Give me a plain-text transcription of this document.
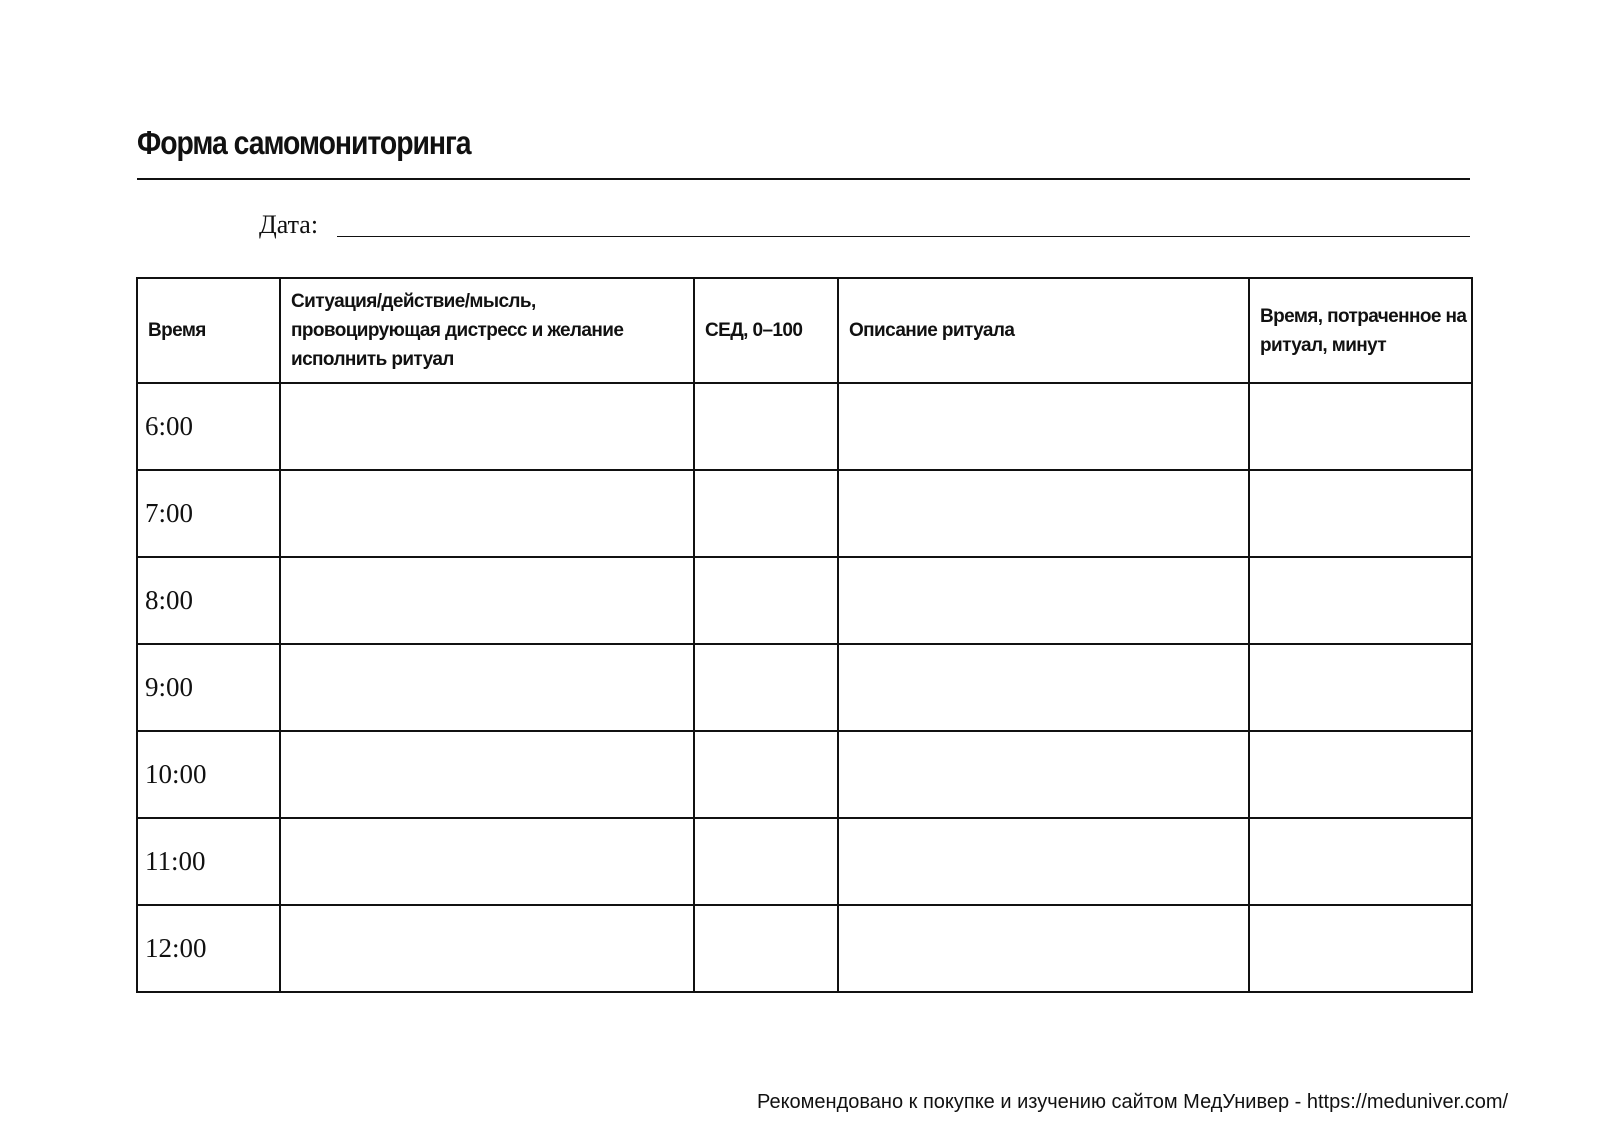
Форма самомониторинга
Дата:
Время	Ситуация/действие/мысль, провоцирующая дистресс и желание исполнить ритуал	СЕД, 0–100	Описание ритуала	Время, потраченное на ритуал, минут

6:00				
7:00				
8:00				
9:00				
10:00				
11:00				
12:00				
Рекомендовано к покупке и изучению сайтом МедУнивер - https://meduniver.com/
